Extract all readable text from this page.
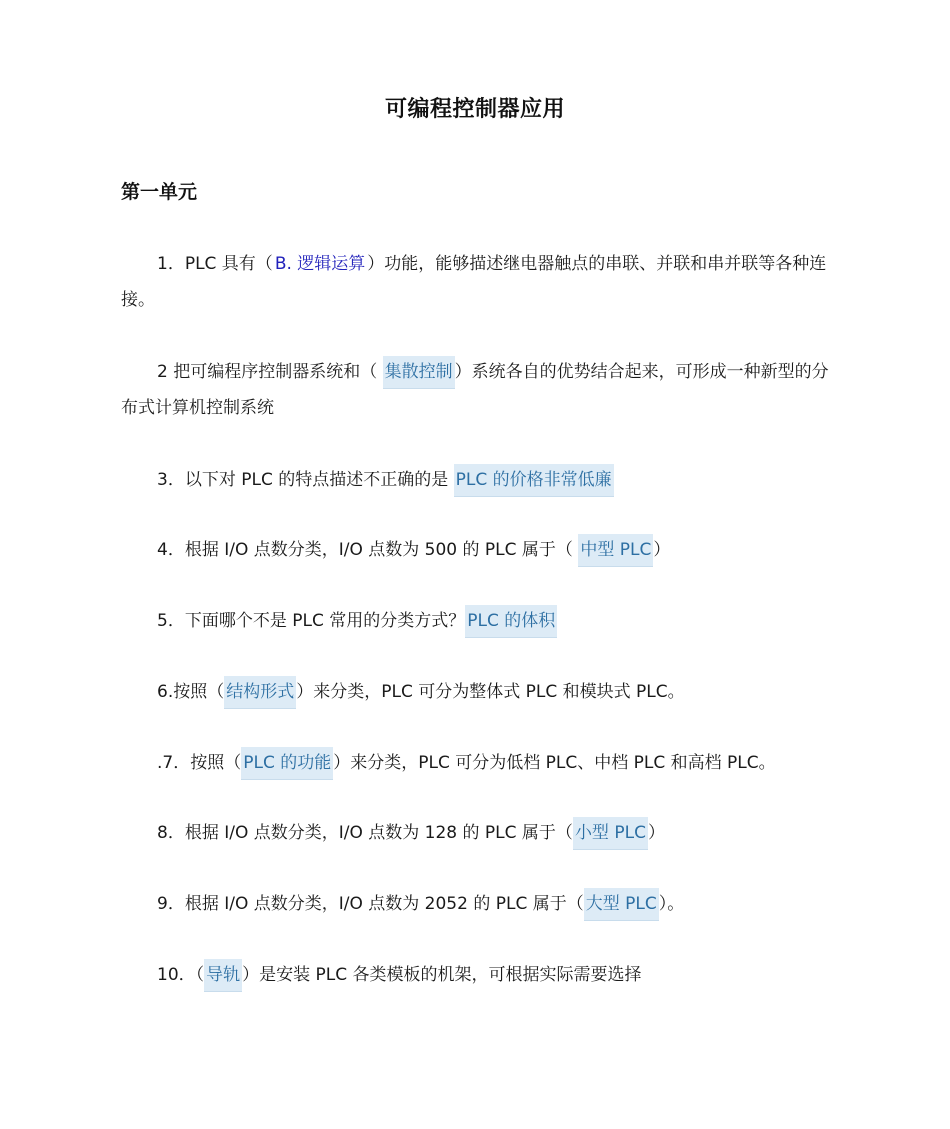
可编程控制器应用
第一单元
1．PLC 具有（ B. 逻辑运算）功能，能够描述继电器触点的串联、并联和串并联等各种连接。
2 把可编程序控制器系统和（ 集散控制 ）系统各自的优势结合起来，可形成一种新型的分布式计算机控制系统
3．以下对 PLC 的特点描述不正确的是 PLC 的价格非常低廉
4．根据 I/O 点数分类，I/O 点数为 500 的 PLC 属于（ 中型 PLC）
5．下面哪个不是 PLC 常用的分类方式？ PLC 的体积
6.按照（ 结构形式）来分类，PLC 可分为整体式 PLC 和模块式 PLC。
.7．按照（ PLC 的功能）来分类，PLC 可分为低档 PLC、中档 PLC 和高档 PLC。
8．根据 I/O 点数分类，I/O 点数为 128 的 PLC 属于（ 小型 PLC）
9．根据 I/O 点数分类，I/O 点数为 2052 的 PLC 属于（ 大型 PLC）。
10．（ 导轨）是安装 PLC 各类模板的机架，可根据实际需要选择
